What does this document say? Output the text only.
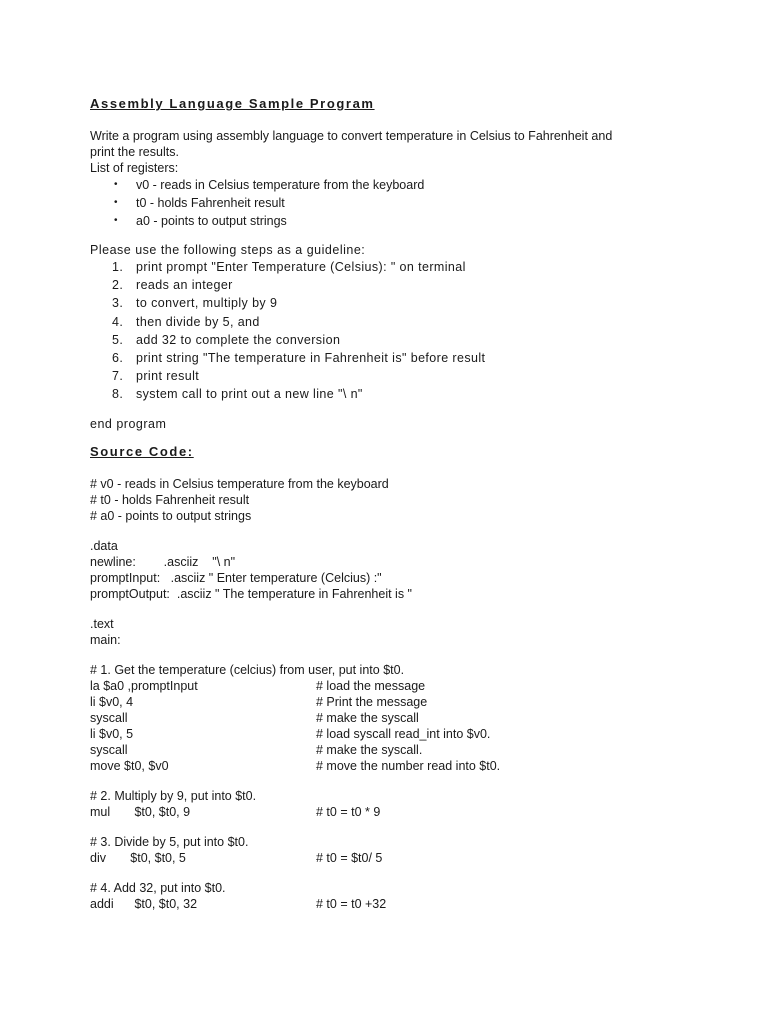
Assembly Language Sample Program
Write a program using assembly language to convert temperature in Celsius to Fahrenheit and
print the results.
List of registers:
• v0 - reads in Celsius temperature from the keyboard
• t0 - holds Fahrenheit result
• a0 - points to output strings
Please use the following steps as a guideline:
1. print prompt "Enter Temperature (Celsius): " on terminal
2. reads an integer
3. to convert, multiply by 9
4. then divide by 5, and
5. add 32 to complete the conversion
6. print string "The temperature in Fahrenheit is" before result
7. print result
8. system call to print out a new line "\ n"
end program
Source Code:
# v0 - reads in Celsius temperature from the keyboard
# t0 - holds Fahrenheit result
# a0 - points to output strings
.data
newline:        .asciiz    "\ n"
promptInput:   .asciiz " Enter temperature (Celcius) :"
promptOutput:  .asciiz " The temperature in Fahrenheit is "
.text
main:
# 1. Get the temperature (celcius) from user, put into $t0.
la $a0 ,promptInput	# load the message
li $v0, 4	# Print the message
syscall	# make the syscall
li $v0, 5	# load syscall read_int into $v0.
syscall	# make the syscall.
move $t0, $v0	# move the number read into $t0.
# 2. Multiply by 9, put into $t0.
mul       $t0, $t0, 9	# t0 = t0 * 9
# 3. Divide by 5, put into $t0.
div       $t0, $t0, 5	# t0 = $t0/ 5
# 4. Add 32, put into $t0.
addi      $t0, $t0, 32	# t0 = t0 +32
